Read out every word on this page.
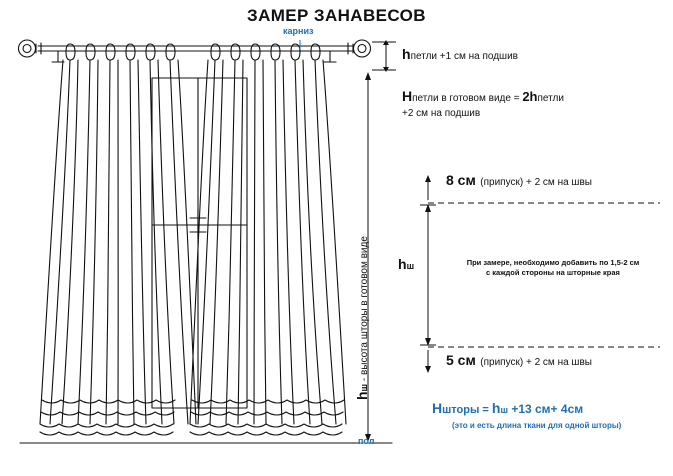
ЗАМЕР ЗАНАВЕСОВ
карниз
пол
hпетли +1 см на подшив
Hпетли в готовом виде = 2hпетли
+2 см на подшив
hш - высота шторы в готовом виде
8 см (припуск) + 2 см на швы
5 см (припуск) + 2 см на швы
hш	При замере, необходимо добавить по 1,5-2 см
с каждой стороны на шторные края
Hшторы = hш +13 см+ 4см
(это и есть длина ткани для одной шторы)
